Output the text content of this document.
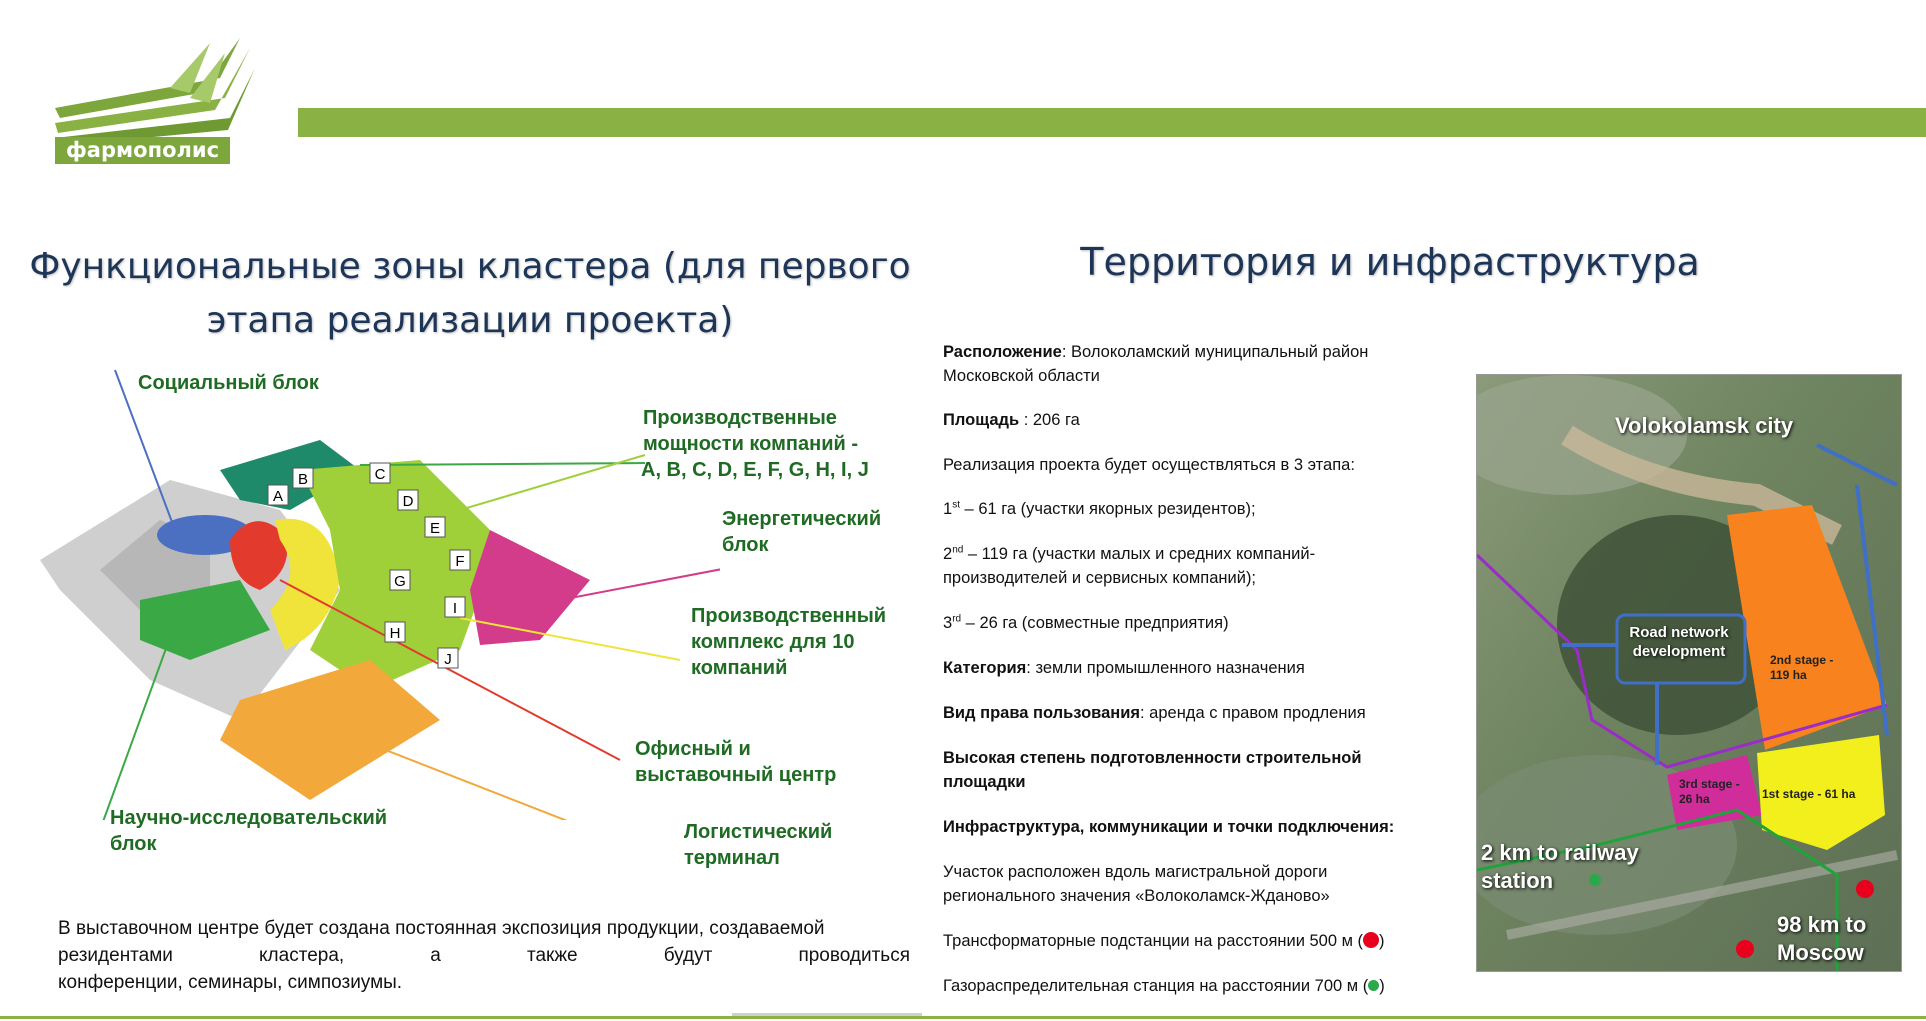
фармополис
Функциональные зоны кластера (для первого
этапа реализации проекта)
Территория и инфраструктура
A
B	C
D
E
F
G
H
I
J
Социальный блок
Производственные
мощности компаний -
A, B, C, D, E, F, G, H, I, J
Энергетический
блок
Производственный
комплекс для 10
компаний
Офисный и
выставочный центр
Логистический
терминал
Научно-исследовательский
блок
В выставочном центре будет создана постоянная экспозиция продукции, создаваемой
резидентами кластера, а также будут проводиться
конференции, семинары, симпозиумы.
Расположение: Волоколамский муниципальный район
Московской области
Площадь : 206 га
Реализация проекта будет осуществляться в 3 этапа:
1st – 61 га (участки якорных резидентов);
2nd – 119 га (участки малых и средних компаний-
производителей и сервисных компаний);
3rd – 26 га (совместные предприятия)
Категория: земли промышленного назначения
Вид права пользования: аренда с правом продления
Высокая степень подготовленности строительной
площадки
Инфраструктура, коммуникации и точки подключения:
Участок расположен вдоль магистральной дороги
регионального значения «Волоколамск-Жданово»
Трансформаторные подстанции на расстоянии 500 м ( )
Газораспределительная станция на расстоянии 700 м ( )
Volokolamsk city
Road network
development	2nd stage -
119 ha
3rd stage -
26 ha	1st stage - 61 ha
2 km to railway
station
98 km to
Moscow
